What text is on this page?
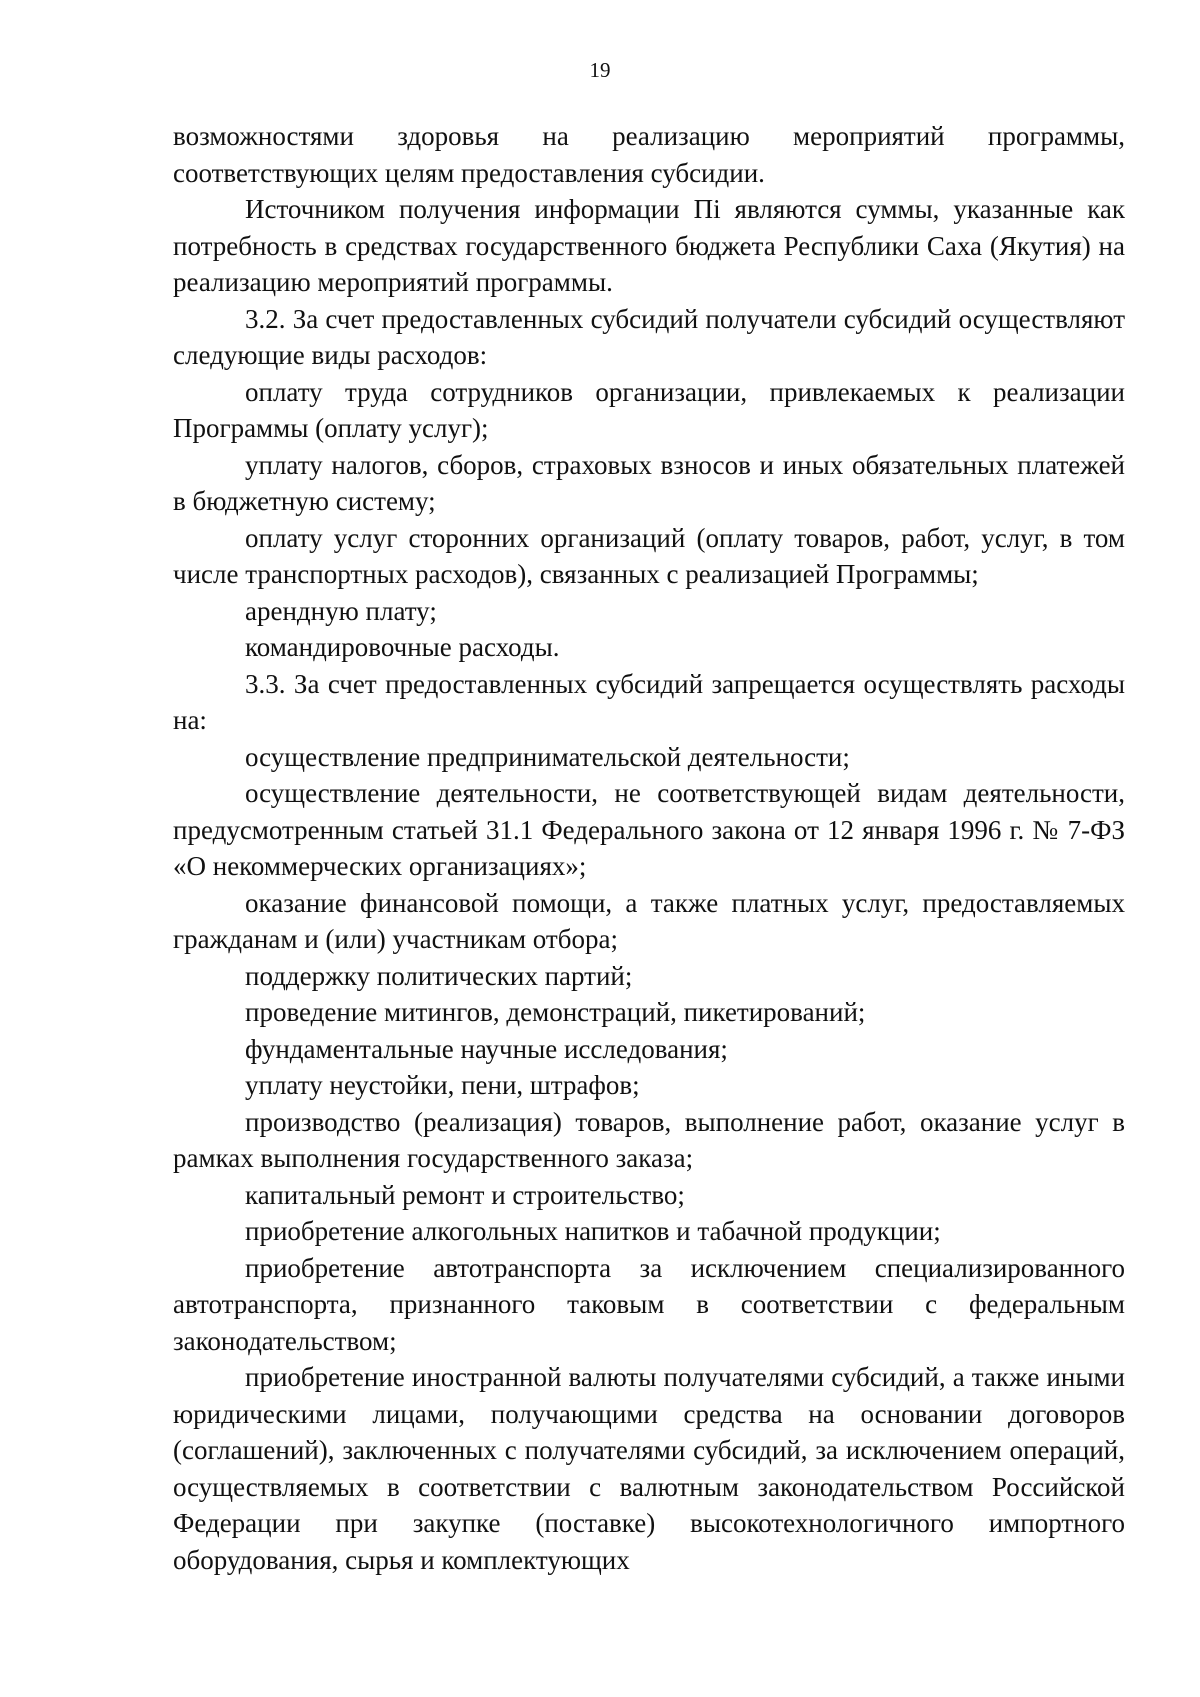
19

возможностями здоровья на реализацию мероприятий программы, соответствующих целям предоставления субсидии.

Источником получения информации Пi являются суммы, указанные как потребность в средствах государственного бюджета Республики Саха (Якутия) на реализацию мероприятий программы.

3.2. За счет предоставленных субсидий получатели субсидий осуществляют следующие виды расходов:

оплату труда сотрудников организации, привлекаемых к реализации Программы (оплату услуг);

уплату налогов, сборов, страховых взносов и иных обязательных платежей в бюджетную систему;

оплату услуг сторонних организаций (оплату товаров, работ, услуг, в том числе транспортных расходов), связанных с реализацией Программы;

арендную плату;

командировочные расходы.

3.3. За счет предоставленных субсидий запрещается осуществлять расходы на:

осуществление предпринимательской деятельности;

осуществление деятельности, не соответствующей видам деятельности, предусмотренным статьей 31.1 Федерального закона от 12 января 1996 г. № 7-ФЗ «О некоммерческих организациях»;

оказание финансовой помощи, а также платных услуг, предоставляемых гражданам и (или) участникам отбора;

поддержку политических партий;

проведение митингов, демонстраций, пикетирований;

фундаментальные научные исследования;

уплату неустойки, пени, штрафов;

производство (реализация) товаров, выполнение работ, оказание услуг в рамках выполнения государственного заказа;

капитальный ремонт и строительство;

приобретение алкогольных напитков и табачной продукции;

приобретение автотранспорта за исключением специализированного автотранспорта, признанного таковым в соответствии с федеральным законодательством;

приобретение иностранной валюты получателями субсидий, а также иными юридическими лицами, получающими средства на основании договоров (соглашений), заключенных с получателями субсидий, за исключением операций, осуществляемых в соответствии с валютным законодательством Российской Федерации при закупке (поставке) высокотехнологичного импортного оборудования, сырья и комплектующих
